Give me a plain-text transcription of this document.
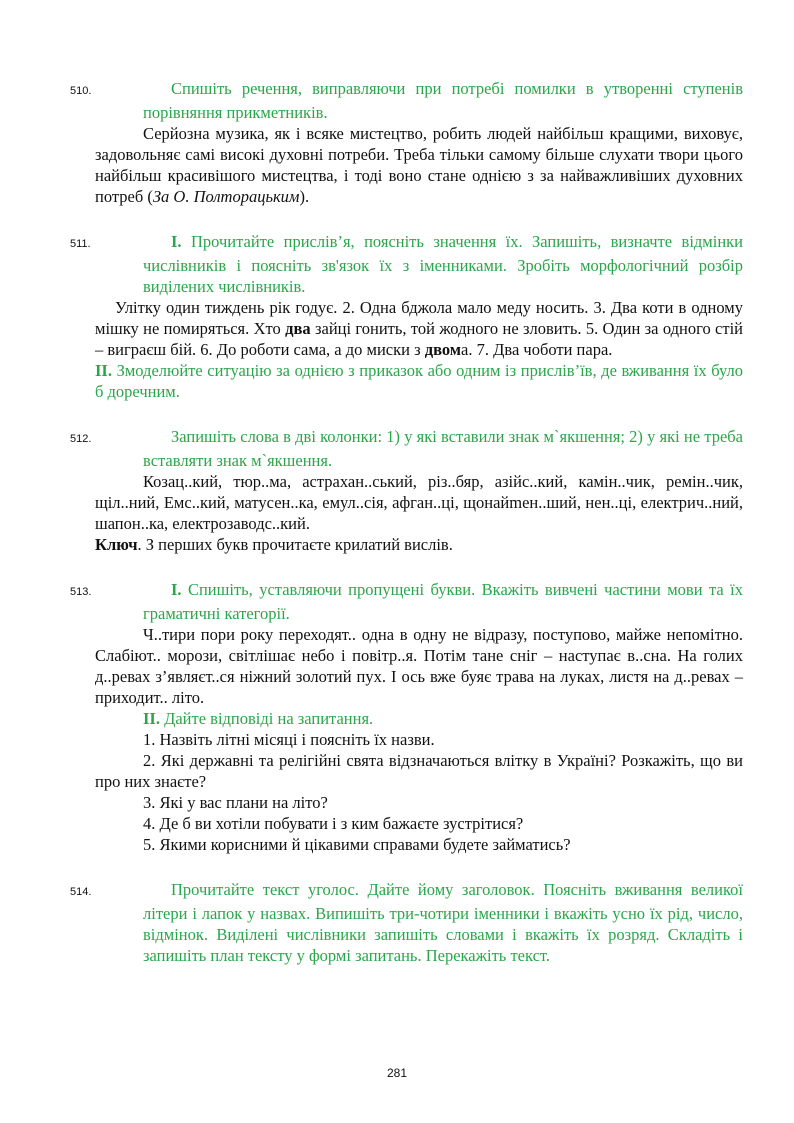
510.	Спишіть речення, виправляючи при потребі помилки в утворенні ступенів порівняння прикметників.

Серйозна музика, як і всяке мистецтво, робить людей найбільш кращими, виховує, задовольняє самі високі духовні потреби. Треба тільки самому більше слухати твори цього найбільш красивішого мистецтва, і тоді воно стане однією з за найважливіших духовних потреб (За О. Полторацьким).

511.	І. Прочитайте прислів’я, поясніть значення їх. Запишіть, визначте відмінки числівників і поясніть зв'язок їх з іменниками. Зробіть морфологічний розбір виділених числівників.

Улітку один тиждень рік годує. 2. Одна бджола мало меду носить. 3. Два коти в одному мішку не помиряться. Хто два зайці гонить, той жодного не зловить. 5. Один за одного стій – виграєш бій. 6. До роботи сама, а до миски з двома. 7. Два чоботи пара.

ІІ. Змоделюйте ситуацію за однією з приказок або одним із прислів’їв, де вживання їх було б доречним.

512.	Запишіть слова в дві колонки: 1) у які вставили знак м`якшення; 2) у які не треба вставляти знак м`якшення.

Козац..кий, тюр..ма, астрахан..ський, різ..бяр, азійс..кий, камін..чик, ремін..чик, щіл..ний, Емс..кий, матусен..ка, емул..сія, афган..ці, щонайmен..ший, нен..ці, електрич..ний, шапон..ка, електрозаводс..кий.

Ключ. З перших букв прочитаєте крилатий вислів.

513.	І. Спишіть, уставляючи пропущені букви. Вкажіть вивчені частини мови та їх граматичні категорії.

Ч..тири пори року переходят.. одна в одну не відразу, поступово, майже непомітно. Слабіют.. морози, світлішає небо і повітр..я. Потім тане сніг – наступає в..сна. На голих д..ревах з’являєт..ся ніжний золотий пух. І ось вже буяє трава на луках, листя на д..ревах – приходит.. літо.

ІІ. Дайте відповіді на запитання.

1. Назвіть літні місяці і поясніть їх назви.

2. Які державні та релігійні свята відзначаються влітку в Україні? Розкажіть, що ви про них знаєте?

3. Які у вас плани на літо?

4. Де б ви хотіли побувати і з ким бажаєте зустрітися?

5. Якими корисними й цікавими справами будете займатись?

514.	Прочитайте текст уголос. Дайте йому заголовок. Поясніть вживання великої літери і лапок у назвах. Випишіть три-чотири іменники і вкажіть усно їх рід, число, відмінок. Виділені числівники запишіть словами і вкажіть їх розряд. Складіть і запишіть план тексту у формі запитань. Перекажіть текст.

281
